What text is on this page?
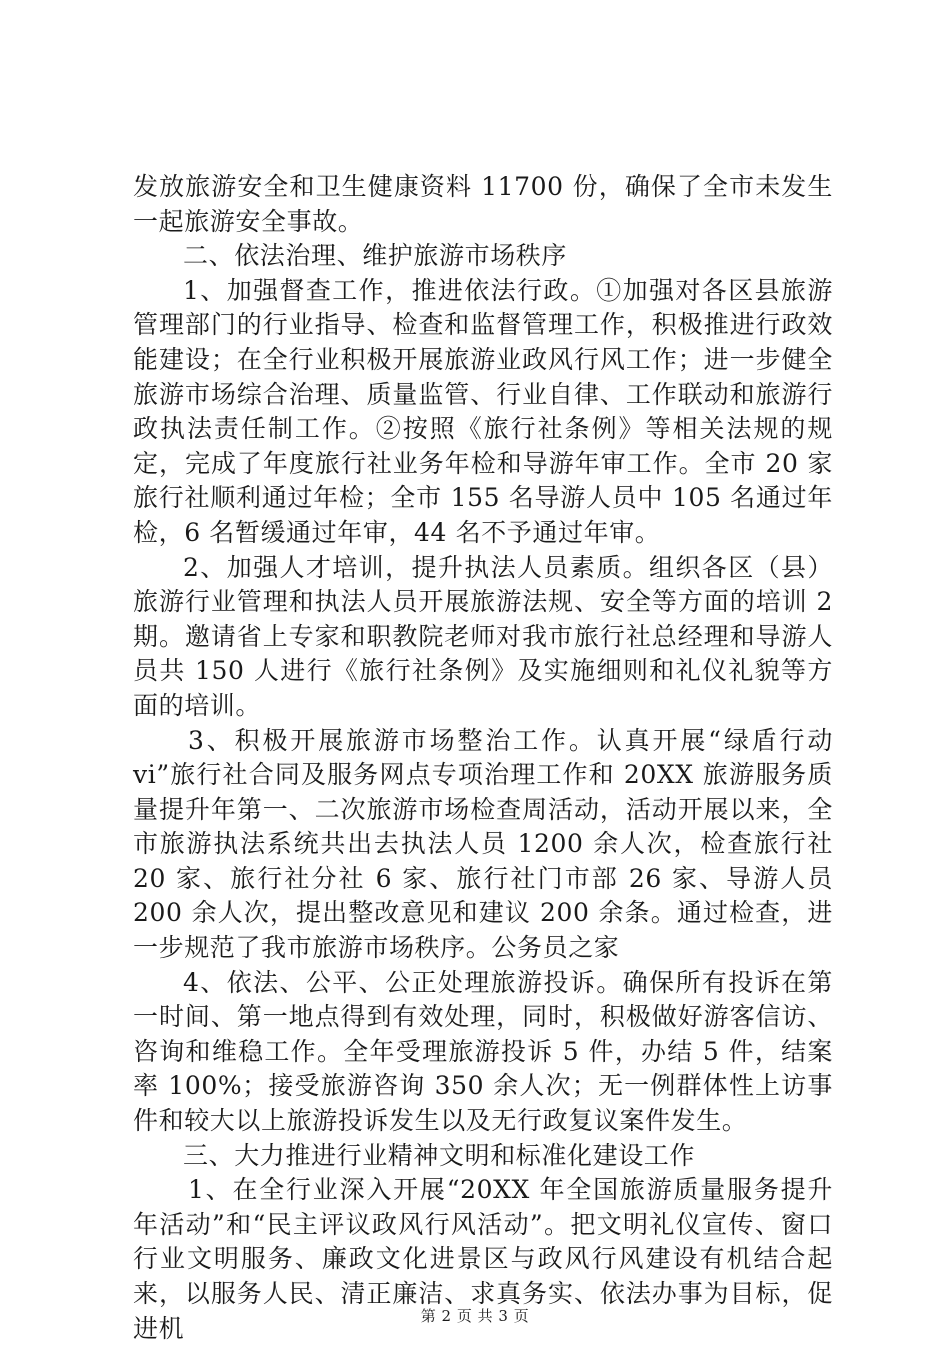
发放旅游安全和卫生健康资料 11700 份，确保了全市未发生一起旅游安全事故。

二、依法治理、维护旅游市场秩序

1、加强督查工作，推进依法行政。①加强对各区县旅游管理部门的行业指导、检查和监督管理工作，积极推进行政效能建设；在全行业积极开展旅游业政风行风工作；进一步健全旅游市场综合治理、质量监管、行业自律、工作联动和旅游行政执法责任制工作。②按照《旅行社条例》等相关法规的规定，完成了年度旅行社业务年检和导游年审工作。全市 20 家旅行社顺利通过年检；全市 155 名导游人员中 105 名通过年检，6 名暂缓通过年审，44 名不予通过年审。

2、加强人才培训，提升执法人员素质。组织各区（县）旅游行业管理和执法人员开展旅游法规、安全等方面的培训 2 期。邀请省上专家和职教院老师对我市旅行社总经理和导游人员共 150 人进行《旅行社条例》及实施细则和礼仪礼貌等方面的培训。

3、积极开展旅游市场整治工作。认真开展“绿盾行动 vi”旅行社合同及服务网点专项治理工作和 20XX 旅游服务质量提升年第一、二次旅游市场检查周活动，活动开展以来，全市旅游执法系统共出去执法人员 1200 余人次，检查旅行社 20 家、旅行社分社 6 家、旅行社门市部 26 家、导游人员 200 余人次，提出整改意见和建议 200 余条。通过检查，进一步规范了我市旅游市场秩序。公务员之家

4、依法、公平、公正处理旅游投诉。确保所有投诉在第一时间、第一地点得到有效处理，同时，积极做好游客信访、咨询和维稳工作。全年受理旅游投诉 5 件，办结 5 件，结案率 100%；接受旅游咨询 350 余人次；无一例群体性上访事件和较大以上旅游投诉发生以及无行政复议案件发生。

三、大力推进行业精神文明和标准化建设工作

1、在全行业深入开展“20XX 年全国旅游质量服务提升年活动”和“民主评议政风行风活动”。把文明礼仪宣传、窗口行业文明服务、廉政文化进景区与政风行风建设有机结合起来，以服务人民、清正廉洁、求真务实、依法办事为目标，促进机	第 2 页 共 3 页
